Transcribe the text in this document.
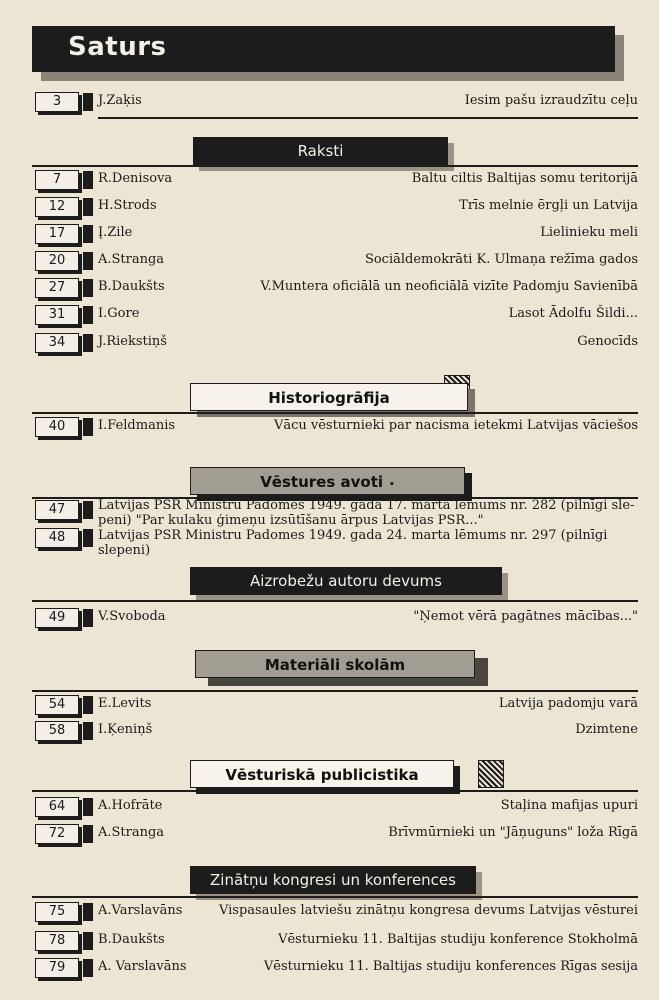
Saturs
3	J.Zaķis	Iesim pašu izraudzītu ceļu
Raksti
7	R.Denisova	Baltu ciltis Baltijas somu teritorijā
12	H.Strods	Trīs melnie ērgļi un Latvija
17	Į.Zile	Lielinieku meli
20	A.Stranga	Sociāldemokrāti K. Ulmaņa režīma gados
27	B.Daukšts	V.Muntera oficiālā un neoficiālā vizīte Padomju Savienībā
31	I.Gore	Lasot Ādolfu Šildi...
34	J.Riekstiņš	Genocīds
Historiogrāfija
40	I.Feldmanis	Vācu vēsturnieki par nacisma ietekmi Latvijas vāciešos
Vēstures avoti •
47	Latvijas PSR Ministru Padomes 1949. gada 17. marta lēmums nr. 282 (pilnīgi sle-
peni) "Par kulaku ģimeņu izsūtīšanu ārpus Latvijas PSR..."
48	Latvijas PSR Ministru Padomes 1949. gada 24. marta lēmums nr. 297 (pilnīgi
slepeni)
Aizrobežu autoru devums
49	V.Svoboda	"Ņemot vērā pagātnes mācības..."
Materiāli skolām
54	E.Levits	Latvija padomju varā
58	I.Ķeniņš	Dzimtene
Vēsturiskā publicistika
64	A.Hofrāte	Staļina mafijas upuri
72	A.Stranga	Brīvmūrnieki un "Jāņuguns" loža Rīgā
Zinātņu kongresi un konferences
75	A.Varslavāns	Vispasaules latviešu zinātņu kongresa devums Latvijas vēsturei
78	B.Daukšts	Vēsturnieku 11. Baltijas studiju konference Stokholmā
79	A. Varslavāns	Vēsturnieku 11. Baltijas studiju konferences Rīgas sesija
